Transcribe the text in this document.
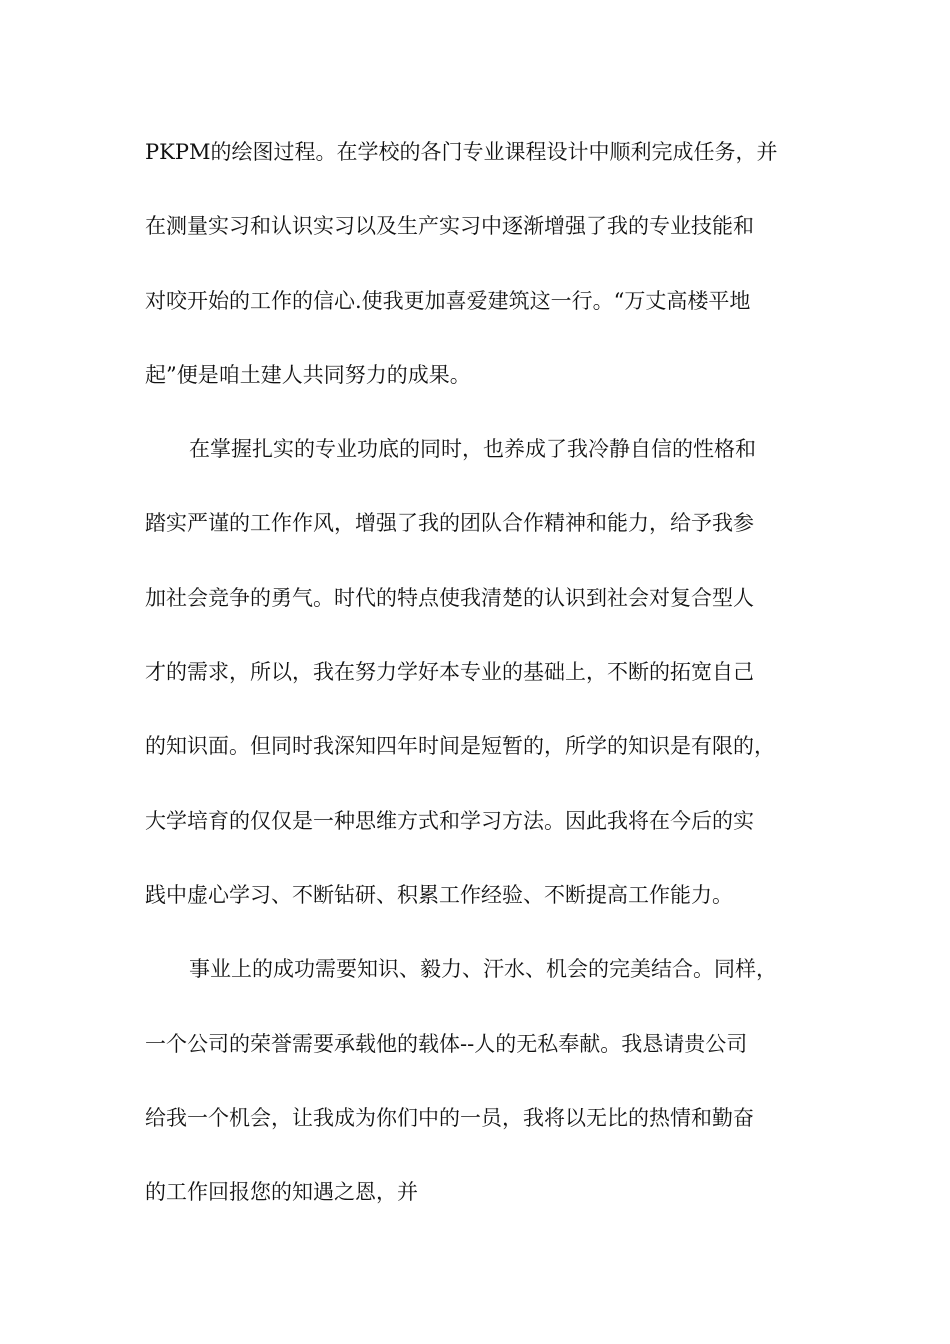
PKPM的绘图过程。在学校的各门专业课程设计中顺利完成任务，并
在测量实习和认识实习以及生产实习中逐渐增强了我的专业技能和
对咬开始的工作的信心.使我更加喜爱建筑这一行。“万丈高楼平地
起”便是咱土建人共同努力的成果。
在掌握扎实的专业功底的同时，也养成了我冷静自信的性格和
踏实严谨的工作作风，增强了我的团队合作精神和能力，给予我参
加社会竞争的勇气。时代的特点使我清楚的认识到社会对复合型人
才的需求，所以，我在努力学好本专业的基础上，不断的拓宽自己
的知识面。但同时我深知四年时间是短暂的，所学的知识是有限的，
大学培育的仅仅是一种思维方式和学习方法。因此我将在今后的实
践中虚心学习、不断钻研、积累工作经验、不断提高工作能力。
事业上的成功需要知识、毅力、汗水、机会的完美结合。同样，
一个公司的荣誉需要承载他的载体--人的无私奉献。我恳请贵公司
给我一个机会，让我成为你们中的一员，我将以无比的热情和勤奋
的工作回报您的知遇之恩，并
